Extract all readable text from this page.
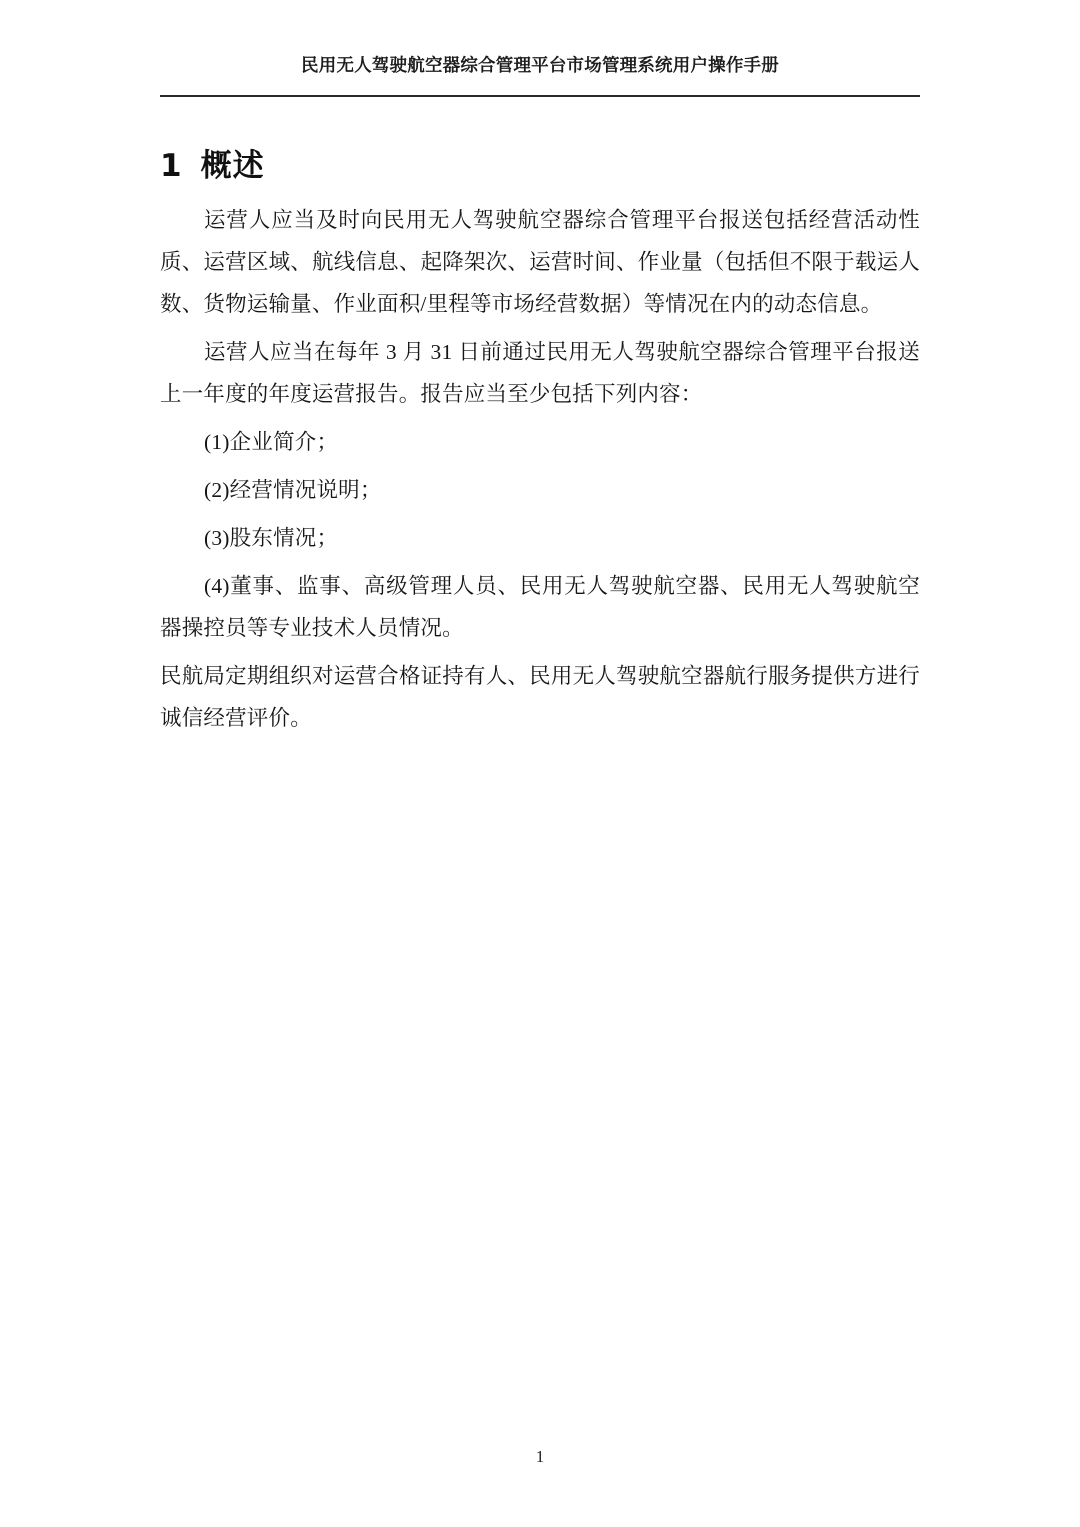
民用无人驾驶航空器综合管理平台市场管理系统用户操作手册
1 概述

运营人应当及时向民用无人驾驶航空器综合管理平台报送包括经营活动性质、运营区域、航线信息、起降架次、运营时间、作业量（包括但不限于载运人数、货物运输量、作业面积/里程等市场经营数据）等情况在内的动态信息。

运营人应当在每年 3 月 31 日前通过民用无人驾驶航空器综合管理平台报送上一年度的年度运营报告。报告应当至少包括下列内容：

(1)企业简介；

(2)经营情况说明；

(3)股东情况；

(4)董事、监事、高级管理人员、民用无人驾驶航空器、民用无人驾驶航空器操控员等专业技术人员情况。

民航局定期组织对运营合格证持有人、民用无人驾驶航空器航行服务提供方进行诚信经营评价。

1
